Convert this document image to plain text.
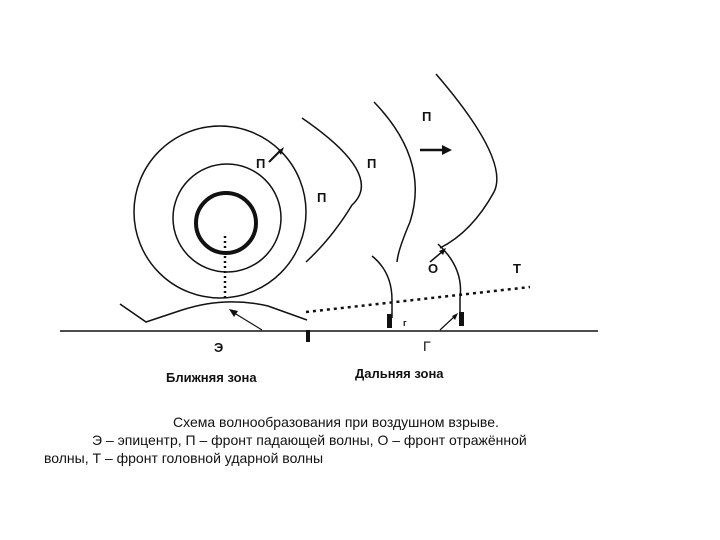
П
П	П
П
О	Т
Э	Г
г
Ближняя зона	Дальняя зона
Схема волнообразования при воздушном взрыве.
Э – эпицентр, П – фронт падающей волны, О – фронт отражённой
волны, Т – фронт головной ударной волны
